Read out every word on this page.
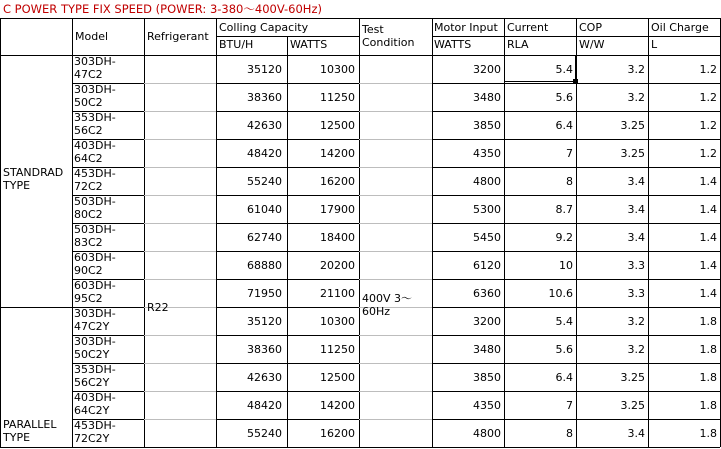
C POWER TYPE FIX SPEED (POWER: 3-380～400V-60Hz)
Model	Refrigerant
Colling Capacity
BTU/H	WATTS
Test
Condition
Motor Input
WATTS
Current
RLA
COP
W/W
Oil Charge
L
STANDRAD
TYPE
PARALLEL
TYPE
R22
400V 3～
60Hz
303DH-
47C2	35120	10300	3200	5.4	3.2	1.2
303DH-
50C2	38360	11250	3480	5.6	3.2	1.2
353DH-
56C2	42630	12500	3850	6.4	3.25	1.2
403DH-
64C2	48420	14200	4350	7	3.25	1.2
453DH-
72C2	55240	16200	4800	8	3.4	1.4
503DH-
80C2	61040	17900	5300	8.7	3.4	1.4
503DH-
83C2	62740	18400	5450	9.2	3.4	1.4
603DH-
90C2	68880	20200	6120	10	3.3	1.4
603DH-
95C2	71950	21100	6360	10.6	3.3	1.4
303DH-
47C2Y	35120	10300	3200	5.4	3.2	1.8
303DH-
50C2Y	38360	11250	3480	5.6	3.2	1.8
353DH-
56C2Y	42630	12500	3850	6.4	3.25	1.8
403DH-
64C2Y	48420	14200	4350	7	3.25	1.8
453DH-
72C2Y	55240	16200	4800	8	3.4	1.8
